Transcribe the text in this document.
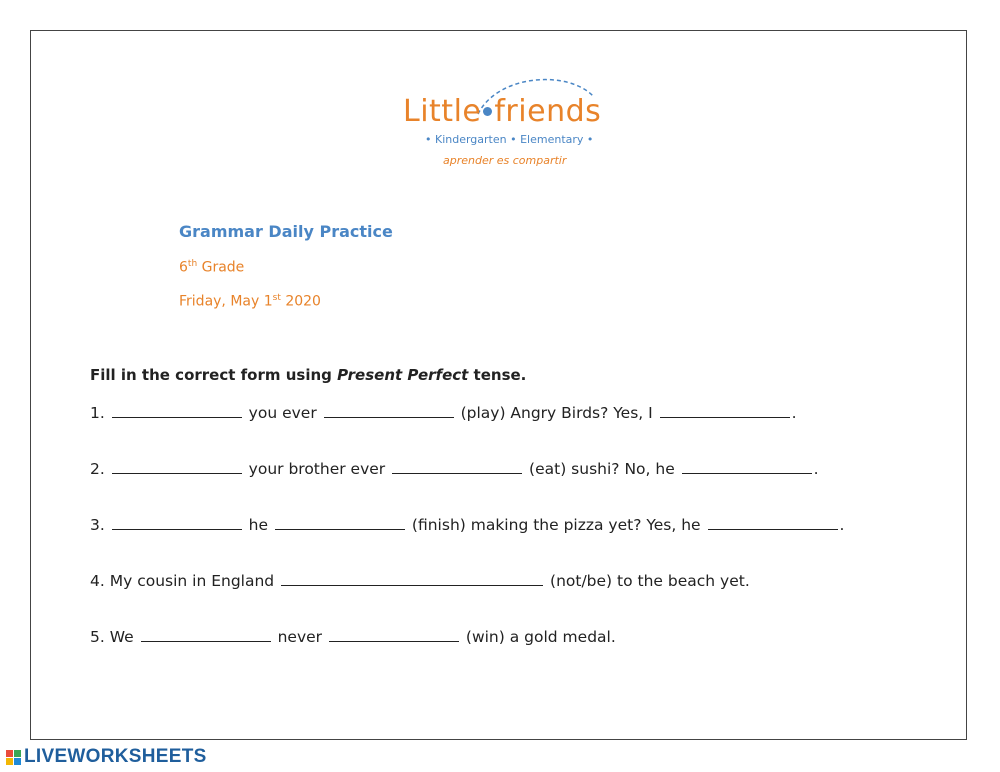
Little friends
• Kindergarten • Elementary •
aprender es compartir
Grammar Daily Practice
6th Grade
Friday, May 1st 2020
Fill in the correct form using Present Perfect tense.
1.	you ever	(play) Angry Birds? Yes, I	.
2.	your brother ever	(eat) sushi? No, he	.
3.	he	(finish) making the pizza yet? Yes, he	.
4. My cousin in England	(not/be) to the beach yet.
5. We	never	(win) a gold medal.
LIVEWORKSHEETS
